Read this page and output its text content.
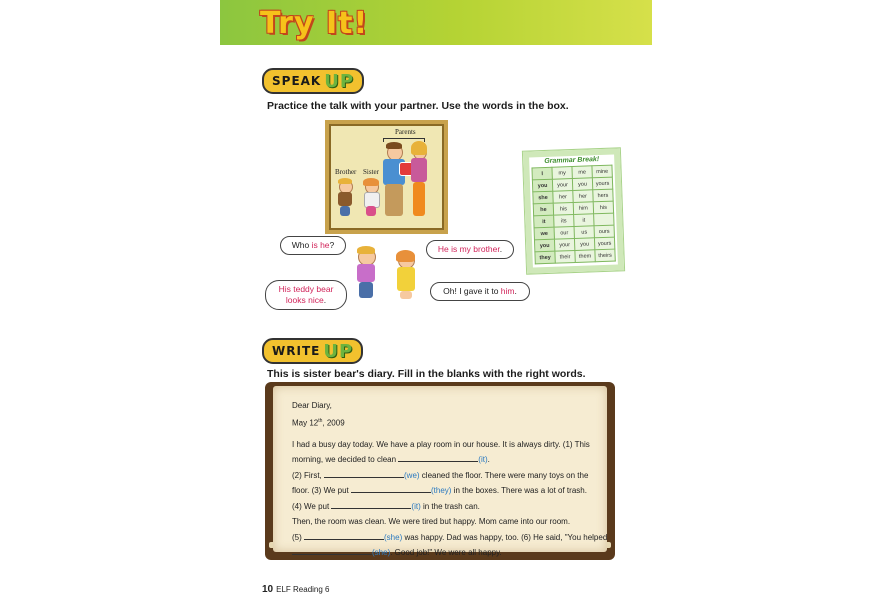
Try It!
SPEAK UP
Practice the talk with your partner. Use the words in the box.
Parents
Brother Sister
Grammar Break!
I	my	me	mine
you	your	you	yours
she	her	her	hers
he	his	him	his
it	its	it	
we	our	us	ours
you	your	you	yours
they	their	them	theirs
Who is he?	He is my brother.
His teddy bear looks nice.
Oh! I gave it to him.
WRITE UP
This is sister bear's diary. Fill in the blanks with the right words.
Dear Diary,
May 12th, 2009
I had a busy day today. We have a play room in our house. It is always dirty. (1) This
morning, we decided to clean	(it).
(2) First,	(we) cleaned the floor. There were many toys on the
floor. (3) We put	(they) in the boxes. There was a lot of trash.
(4) We put	(it) in the trash can.
Then, the room was clean. We were tired but happy. Mom came into our room.
(5)	(she) was happy. Dad was happy, too. (6) He said, "You helped
(she). Good job!" We were all happy.
10 ELF Reading 6
